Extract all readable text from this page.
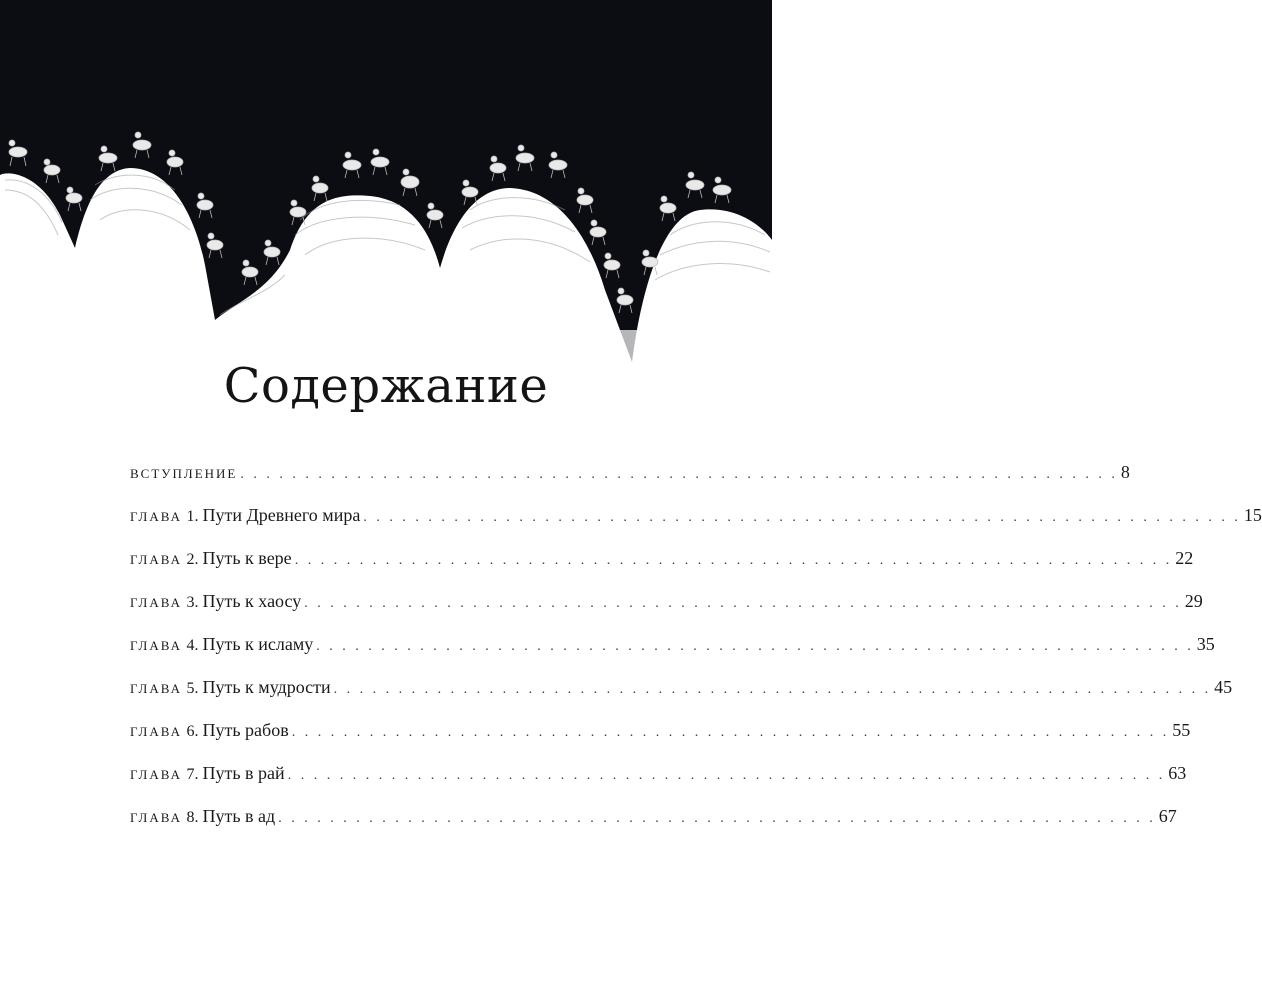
Содержание
ВСТУПЛЕНИЕ . . . . . . . . . . . . . . . . . . . . . . . . . . . . . . . . . . . . . . . . . . . . . . . . . . . . . . . . . . . . . . . . . . . . 8
ГЛАВА
1. Пути Древнего мира . . . . . . . . . . . . . . . . . . . . . . . . . . . . . . . . . . . . . . . . . . . . . . . . . . . . . . . . . . . . . . . . . . . . 15
ГЛАВА
2. Путь к вере . . . . . . . . . . . . . . . . . . . . . . . . . . . . . . . . . . . . . . . . . . . . . . . . . . . . . . . . . . . . . . . . . . . . 22
ГЛАВА
3. Путь к хаосу . . . . . . . . . . . . . . . . . . . . . . . . . . . . . . . . . . . . . . . . . . . . . . . . . . . . . . . . . . . . . . . . . . . . 29
ГЛАВА
4. Путь к исламу . . . . . . . . . . . . . . . . . . . . . . . . . . . . . . . . . . . . . . . . . . . . . . . . . . . . . . . . . . . . . . . . . . . . 35
ГЛАВА
5. Путь к мудрости . . . . . . . . . . . . . . . . . . . . . . . . . . . . . . . . . . . . . . . . . . . . . . . . . . . . . . . . . . . . . . . . . . . . 45
ГЛАВА
6. Путь рабов . . . . . . . . . . . . . . . . . . . . . . . . . . . . . . . . . . . . . . . . . . . . . . . . . . . . . . . . . . . . . . . . . . . . 55
ГЛАВА
7. Путь в рай . . . . . . . . . . . . . . . . . . . . . . . . . . . . . . . . . . . . . . . . . . . . . . . . . . . . . . . . . . . . . . . . . . . . 63
ГЛАВА
8. Путь в ад . . . . . . . . . . . . . . . . . . . . . . . . . . . . . . . . . . . . . . . . . . . . . . . . . . . . . . . . . . . . . . . . . . . . 67
